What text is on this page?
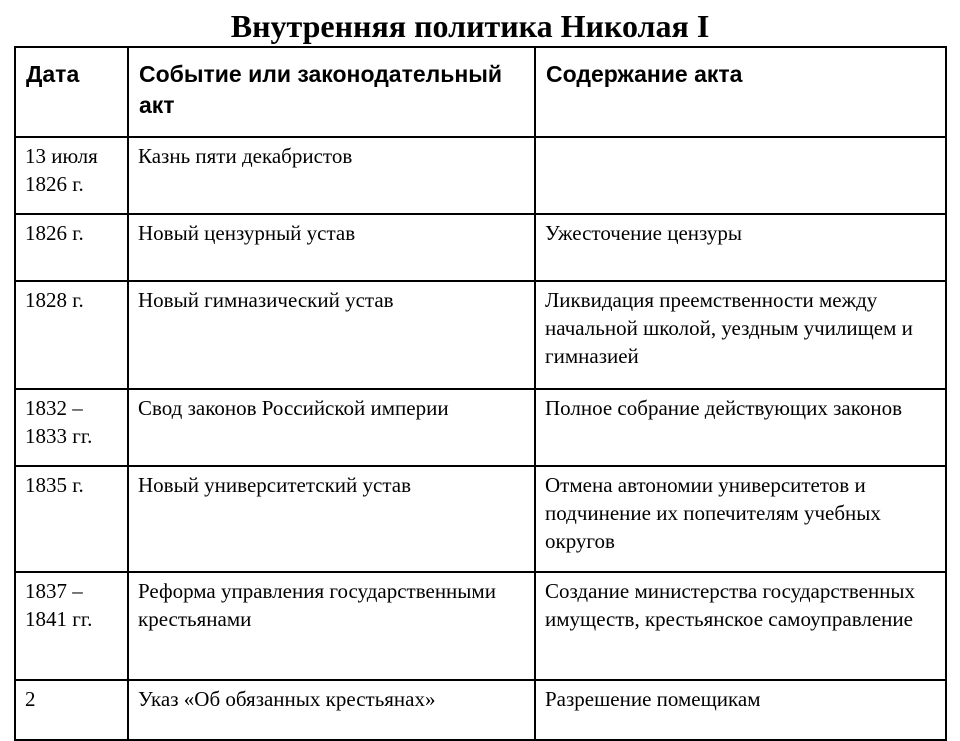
Внутренняя политика Николая I
Дата	Событие или законодательный акт	Содержание акта
13 июля 1826 г.	Казнь пяти декабристов	
1826 г.	Новый цензурный устав	Ужесточение цензуры
1828 г.	Новый гимназический устав	Ликвидация преемственности между начальной школой, уездным училищем и гимназией
1832 – 1833 гг.	Свод законов Российской империи	Полное собрание действующих законов
1835 г.	Новый университетский устав	Отмена автономии университетов и подчинение их попечителям учебных округов
1837 – 1841 гг.	Реформа управления государственными крестьянами	Создание министерства государственных имуществ, крестьянское самоуправление
2	Указ «Об обязанных крестьянах»	Разрешение помещикам
